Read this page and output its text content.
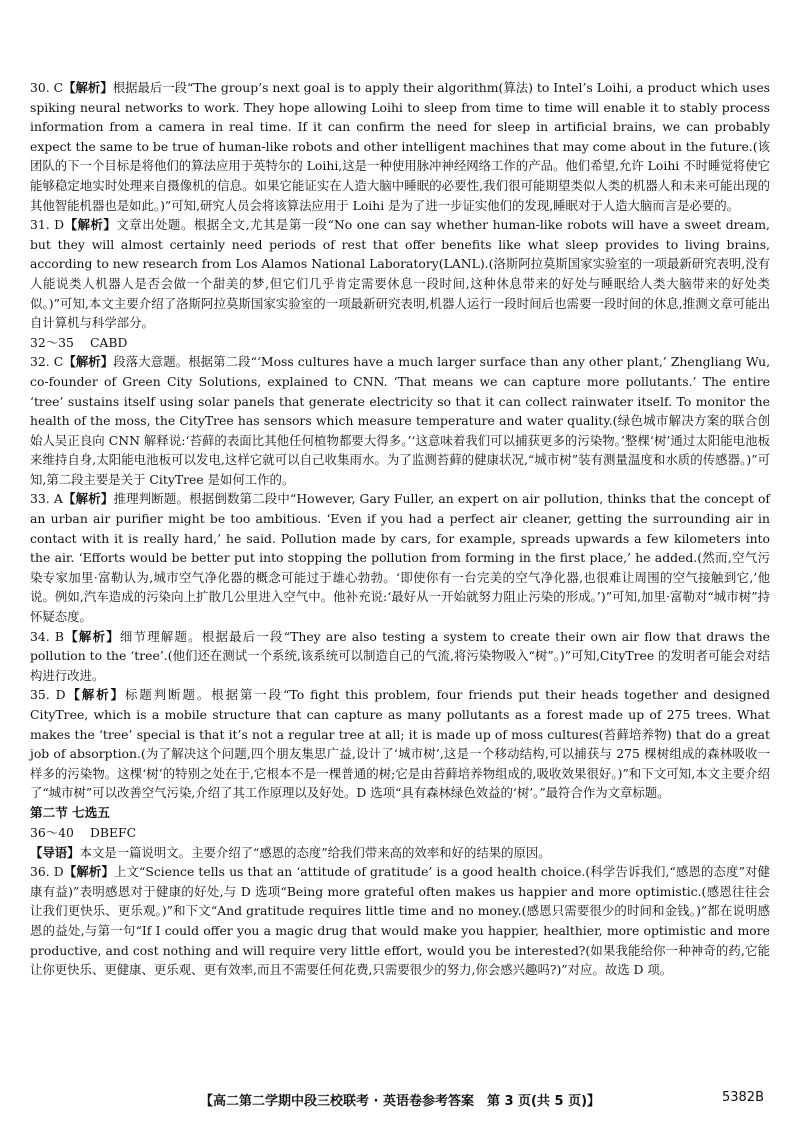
30. C【解析】根据最后一段“The group’s next goal is to apply their algorithm(算法) to Intel’s Loihi, a product which uses spiking neural networks to work. They hope allowing Loihi to sleep from time to time will enable it to stably process information from a camera in real time. If it can confirm the need for sleep in artificial brains, we can probably expect the same to be true of human-like robots and other intelligent machines that may come about in the future.(该团队的下一个目标是将他们的算法应用于英特尔的 Loihi,这是一种使用脉冲神经网络工作的产品。他们希望,允许 Loihi 不时睡觉将使它能够稳定地实时处理来自摄像机的信息。如果它能证实在人造大脑中睡眠的必要性,我们很可能期望类似人类的机器人和未来可能出现的其他智能机器也是如此。)”可知,研究人员会将该算法应用于 Loihi 是为了进一步证实他们的发现,睡眠对于人造大脑而言是必要的。

31. D【解析】文章出处题。根据全文,尤其是第一段“No one can say whether human-like robots will have a sweet dream, but they will almost certainly need periods of rest that offer benefits like what sleep provides to living brains, according to new research from Los Alamos National Laboratory(LANL).(洛斯阿拉莫斯国家实验室的一项最新研究表明,没有人能说类人机器人是否会做一个甜美的梦,但它们几乎肯定需要休息一段时间,这种休息带来的好处与睡眠给人类大脑带来的好处类似。)”可知,本文主要介绍了洛斯阿拉莫斯国家实验室的一项最新研究表明,机器人运行一段时间后也需要一段时间的休息,推测文章可能出自计算机与科学部分。

32～35 CABD

32. C【解析】段落大意题。根据第二段“‘Moss cultures have a much larger surface than any other plant,’ Zhengliang Wu, co-founder of Green City Solutions, explained to CNN. ‘That means we can capture more pollutants.’ The entire ‘tree’ sustains itself using solar panels that generate electricity so that it can collect rainwater itself. To monitor the health of the moss, the CityTree has sensors which measure temperature and water quality.(绿色城市解决方案的联合创始人吴正良向 CNN 解释说:‘苔藓的表面比其他任何植物都要大得多。’‘这意味着我们可以捕获更多的污染物。’整棵‘树’通过太阳能电池板来维持自身,太阳能电池板可以发电,这样它就可以自己收集雨水。为了监测苔藓的健康状况,“城市树”装有测量温度和水质的传感器。)”可知,第二段主要是关于 CityTree 是如何工作的。

33. A【解析】推理判断题。根据倒数第二段中“However, Gary Fuller, an expert on air pollution, thinks that the concept of an urban air purifier might be too ambitious. ‘Even if you had a perfect air cleaner, getting the surrounding air in contact with it is really hard,’ he said. Pollution made by cars, for example, spreads upwards a few kilometers into the air. ‘Efforts would be better put into stopping the pollution from forming in the first place,’ he added.(然而,空气污染专家加里·富勒认为,城市空气净化器的概念可能过于雄心勃勃。‘即使你有一台完美的空气净化器,也很难让周围的空气接触到它,’他说。例如,汽车造成的污染向上扩散几公里进入空气中。他补充说:‘最好从一开始就努力阻止污染的形成。’)”可知,加里·富勒对“城市树”持怀疑态度。

34. B【解析】细节理解题。根据最后一段“They are also testing a system to create their own air flow that draws the pollution to the ‘tree’.(他们还在测试一个系统,该系统可以制造自己的气流,将污染物吸入“树”。)”可知,CityTree 的发明者可能会对结构进行改进。

35. D【解析】标题判断题。根据第一段“To fight this problem, four friends put their heads together and designed CityTree, which is a mobile structure that can capture as many pollutants as a forest made up of 275 trees. What makes the ‘tree’ special is that it’s not a regular tree at all; it is made up of moss cultures(苔藓培养物) that do a great job of absorption.(为了解决这个问题,四个朋友集思广益,设计了‘城市树’,这是一个移动结构,可以捕获与 275 棵树组成的森林吸收一样多的污染物。这棵‘树’的特别之处在于,它根本不是一棵普通的树;它是由苔藓培养物组成的,吸收效果很好。)”和下文可知,本文主要介绍了“城市树”可以改善空气污染,介绍了其工作原理以及好处。D 选项“具有森林绿色效益的‘树’。”最符合作为文章标题。

第二节 七选五

36～40 DBEFC

【导语】本文是一篇说明文。主要介绍了“感恩的态度”给我们带来高的效率和好的结果的原因。

36. D【解析】上文“Science tells us that an ‘attitude of gratitude’ is a good health choice.(科学告诉我们,“感恩的态度”对健康有益)”表明感恩对于健康的好处,与 D 选项“Being more grateful often makes us happier and more optimistic.(感恩往往会让我们更快乐、更乐观。)”和下文“And gratitude requires little time and no money.(感恩只需要很少的时间和金钱。)”都在说明感恩的益处,与第一句“If I could offer you a magic drug that would make you happier, healthier, more optimistic and more productive, and cost nothing and will require very little effort, would you be interested?(如果我能给你一种神奇的药,它能让你更快乐、更健康、更乐观、更有效率,而且不需要任何花费,只需要很少的努力,你会感兴趣吗?)”对应。故选 D 项。

【高二第二学期中段三校联考 · 英语卷参考答案　第 3 页(共 5 页)】	5382B
